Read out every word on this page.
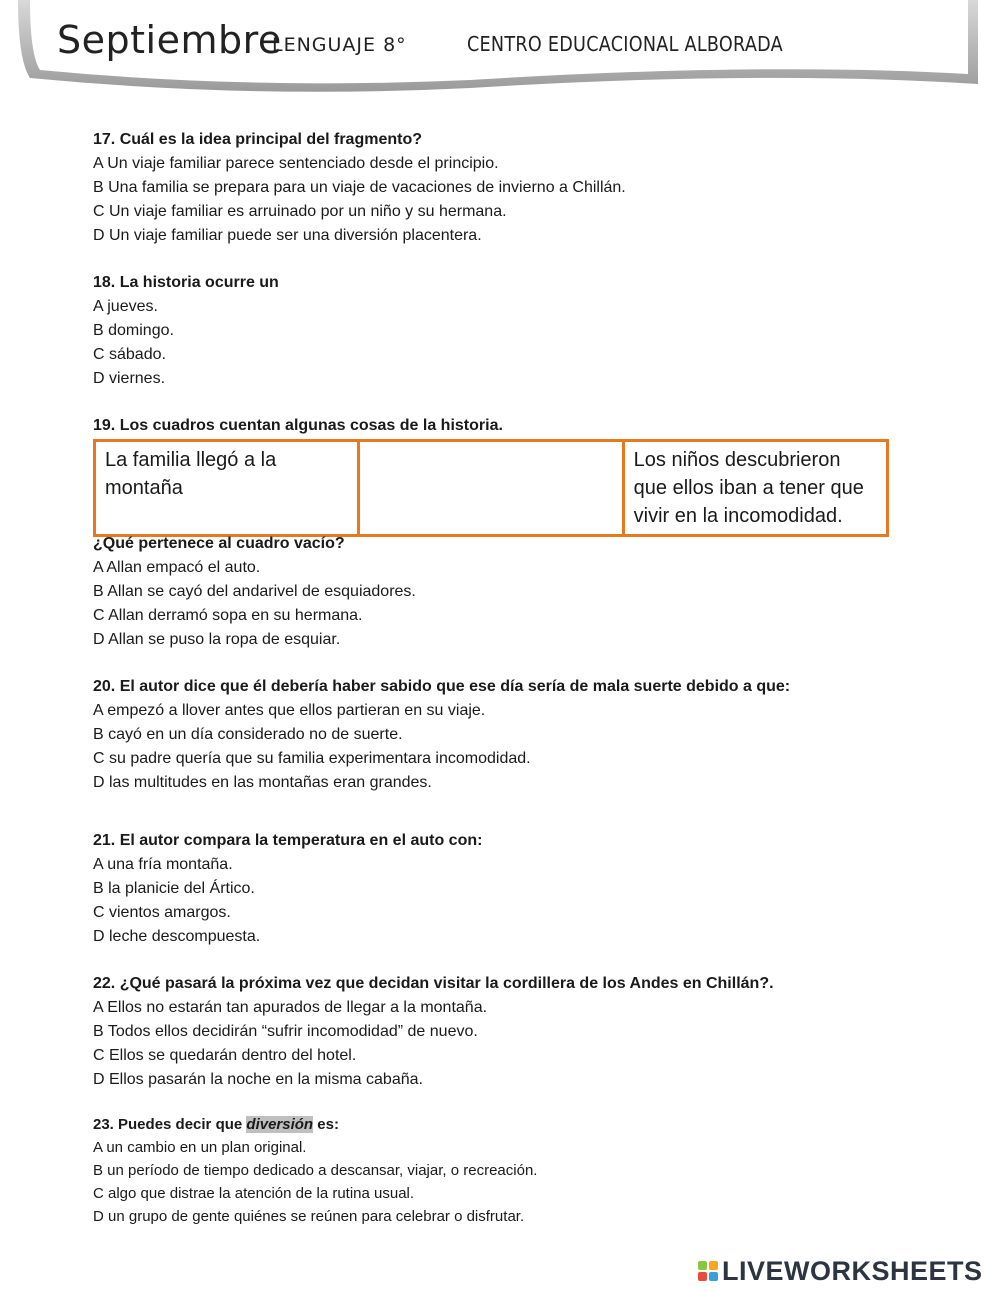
Septiembre
LENGUAJE 8°	CENTRO EDUCACIONAL ALBORADA
17. Cuál es la idea principal del fragmento?
A Un viaje familiar parece sentenciado desde el principio.
B Una familia se prepara para un viaje de vacaciones de invierno a Chillán.
C Un viaje familiar es arruinado por un niño y su hermana.
D Un viaje familiar puede ser una diversión placentera.
18. La historia ocurre un
A jueves.
B domingo.
C sábado.
D viernes.
19. Los cuadros cuentan algunas cosas de la historia.
La familia llegó a la montaña		Los niños descubrieron que ellos iban a tener que vivir en la incomodidad.
¿Qué pertenece al cuadro vacío?
A Allan empacó el auto.
B Allan se cayó del andarivel de esquiadores.
C Allan derramó sopa en su hermana.
D Allan se puso la ropa de esquiar.
20. El autor dice que él debería haber sabido que ese día sería de mala suerte debido a que:
A empezó a llover antes que ellos partieran en su viaje.
B cayó en un día considerado no de suerte.
C su padre quería que su familia experimentara incomodidad.
D las multitudes en las montañas eran grandes.
21. El autor compara la temperatura en el auto con:
A una fría montaña.
B la planicie del Ártico.
C vientos amargos.
D leche descompuesta.
22. ¿Qué pasará la próxima vez que decidan visitar la cordillera de los Andes en Chillán?.
A Ellos no estarán tan apurados de llegar a la montaña.
B Todos ellos decidirán “sufrir incomodidad” de nuevo.
C Ellos se quedarán dentro del hotel.
D Ellos pasarán la noche en la misma cabaña.
23. Puedes decir que diversión es:
A un cambio en un plan original.
B un período de tiempo dedicado a descansar, viajar, o recreación.
C algo que distrae la atención de la rutina usual.
D un grupo de gente quiénes se reúnen para celebrar o disfrutar.
LIVEWORKSHEETS
